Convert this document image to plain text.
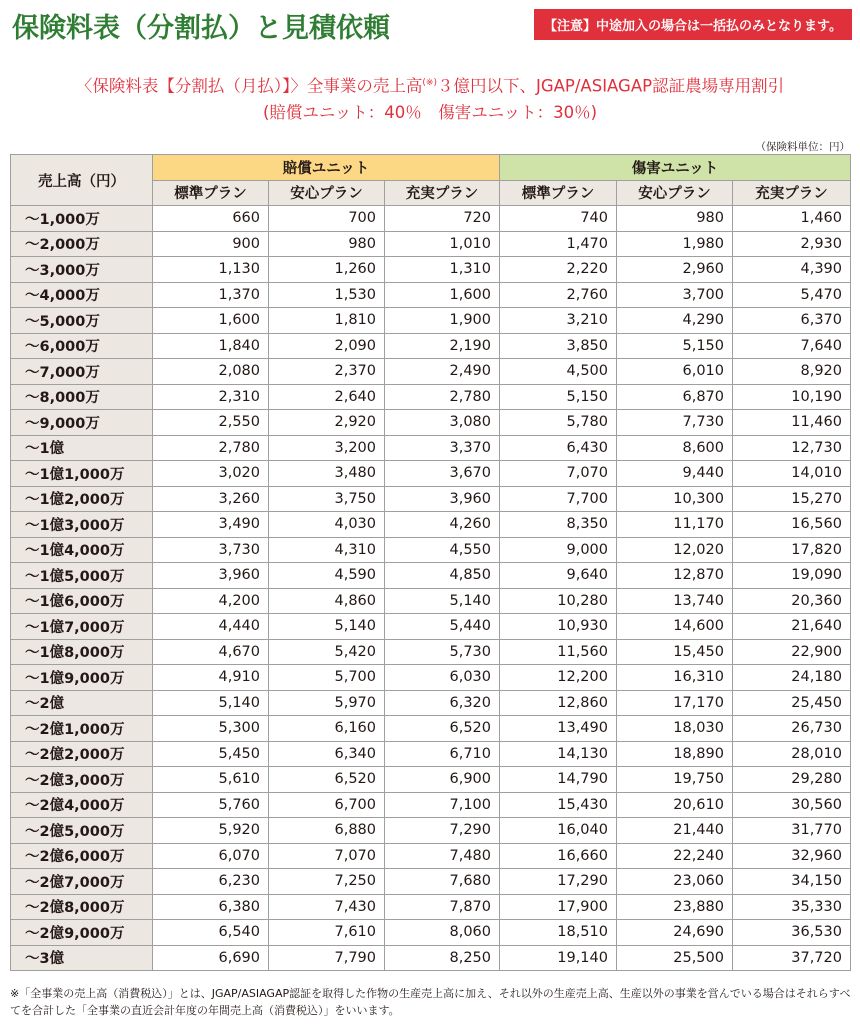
保険料表（分割払）と見積依頼	【注意】中途加入の場合は一括払のみとなります。
〈保険料表【分割払（月払）】〉全事業の売上高(※)３億円以下、JGAP/ASIAGAP認証農場専用割引
(賠償ユニット：40％　傷害ユニット：30％)
（保険料単位：円）
売上高（円）	賠償ユニット			傷害ユニット		
	標準プラン	安心プラン	充実プラン	標準プラン	安心プラン	充実プラン
～1,000万	660	700	720	740	980	1,460
～2,000万	900	980	1,010	1,470	1,980	2,930
～3,000万	1,130	1,260	1,310	2,220	2,960	4,390
～4,000万	1,370	1,530	1,600	2,760	3,700	5,470
～5,000万	1,600	1,810	1,900	3,210	4,290	6,370
～6,000万	1,840	2,090	2,190	3,850	5,150	7,640
～7,000万	2,080	2,370	2,490	4,500	6,010	8,920
～8,000万	2,310	2,640	2,780	5,150	6,870	10,190
～9,000万	2,550	2,920	3,080	5,780	7,730	11,460
～1億	2,780	3,200	3,370	6,430	8,600	12,730
～1億1,000万	3,020	3,480	3,670	7,070	9,440	14,010
～1億2,000万	3,260	3,750	3,960	7,700	10,300	15,270
～1億3,000万	3,490	4,030	4,260	8,350	11,170	16,560
～1億4,000万	3,730	4,310	4,550	9,000	12,020	17,820
～1億5,000万	3,960	4,590	4,850	9,640	12,870	19,090
～1億6,000万	4,200	4,860	5,140	10,280	13,740	20,360
～1億7,000万	4,440	5,140	5,440	10,930	14,600	21,640
～1億8,000万	4,670	5,420	5,730	11,560	15,450	22,900
～1億9,000万	4,910	5,700	6,030	12,200	16,310	24,180
～2億	5,140	5,970	6,320	12,860	17,170	25,450
～2億1,000万	5,300	6,160	6,520	13,490	18,030	26,730
～2億2,000万	5,450	6,340	6,710	14,130	18,890	28,010
～2億3,000万	5,610	6,520	6,900	14,790	19,750	29,280
～2億4,000万	5,760	6,700	7,100	15,430	20,610	30,560
～2億5,000万	5,920	6,880	7,290	16,040	21,440	31,770
～2億6,000万	6,070	7,070	7,480	16,660	22,240	32,960
～2億7,000万	6,230	7,250	7,680	17,290	23,060	34,150
～2億8,000万	6,380	7,430	7,870	17,900	23,880	35,330
～2億9,000万	6,540	7,610	8,060	18,510	24,690	36,530
～3億	6,690	7,790	8,250	19,140	25,500	37,720
※「全事業の売上高（消費税込）」とは、JGAP/ASIAGAP認証を取得した作物の生産売上高に加え、それ以外の生産売上高、生産以外の事業を営んでいる場合はそれらすべてを合計した「全事業の直近会計年度の年間売上高（消費税込）」をいいます。
